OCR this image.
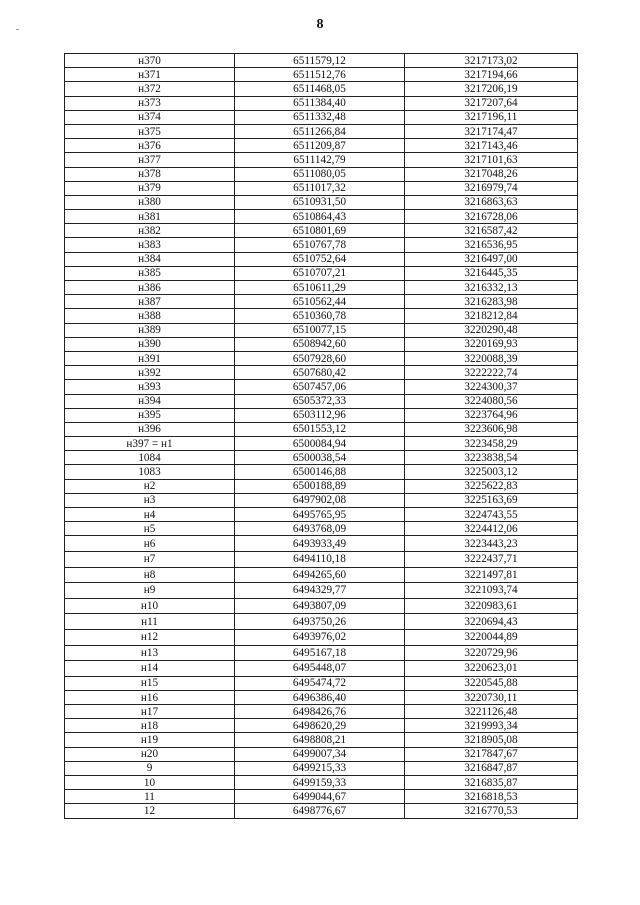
8
н370	6511579,12	3217173,02
н371	6511512,76	3217194,66
н372	6511468,05	3217206,19
н373	6511384,40	3217207,64
н374	6511332,48	3217196,11
н375	6511266,84	3217174,47
н376	6511209,87	3217143,46
н377	6511142,79	3217101,63
н378	6511080,05	3217048,26
н379	6511017,32	3216979,74
н380	6510931,50	3216863,63
н381	6510864,43	3216728,06
н382	6510801,69	3216587,42
н383	6510767,78	3216536,95
н384	6510752,64	3216497,00
н385	6510707,21	3216445,35
н386	6510611,29	3216332,13
н387	6510562,44	3216283,98
н388	6510360,78	3218212,84
н389	6510077,15	3220290,48
н390	6508942,60	3220169,93
н391	6507928,60	3220088,39
н392	6507680,42	3222222,74
н393	6507457,06	3224300,37
н394	6505372,33	3224080,56
н395	6503112,96	3223764,96
н396	6501553,12	3223606,98
н397 = н1	6500084,94	3223458,29
1084	6500038,54	3223838,54
1083	6500146,88	3225003,12
н2	6500188,89	3225622,83
н3	6497902,08	3225163,69
н4	6495765,95	3224743,55
н5	6493768,09	3224412,06
н6	6493933,49	3223443,23
н7	6494110,18	3222437,71
н8	6494265,60	3221497,81
н9	6494329,77	3221093,74
н10	6493807,09	3220983,61
н11	6493750,26	3220694,43
н12	6493976,02	3220044,89
н13	6495167,18	3220729,96
н14	6495448,07	3220623,01
н15	6495474,72	3220545,88
н16	6496386,40	3220730,11
н17	6498426,76	3221126,48
н18	6498620,29	3219993,34
н19	6498808,21	3218905,08
н20	6499007,34	3217847,67
9	6499215,33	3216847,87
10	6499159,33	3216835,87
11	6499044,67	3216818,53
12	6498776,67	3216770,53
